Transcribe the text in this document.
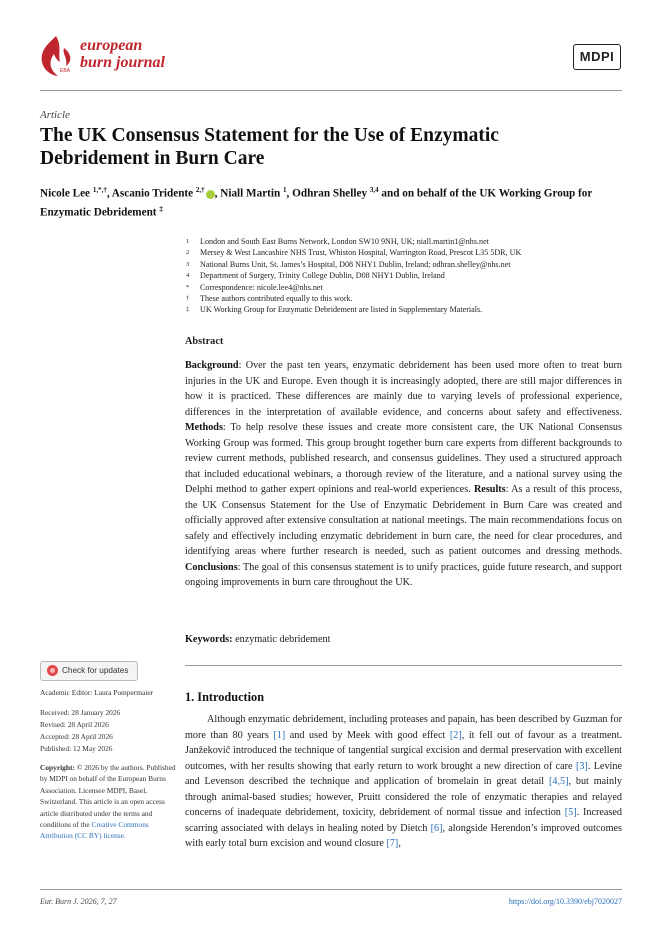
EBA
european
burn journal	MDPI
Article
The UK Consensus Statement for the Use of Enzymatic Debridement in Burn Care
Nicole Lee $^{1,*,\dagger}$, Ascanio Tridente $^{2,\dagger}$ , Niall Martin $^1$, Odhran Shelley $^{3,4}$ and on behalf of the UK Working Group for Enzymatic Debridement ‡
1	London and South East Burns Network, London SW10 9NH, UK; niall.martin1@nhs.net
2	Mersey & West Lancashire NHS Trust, Whiston Hospital, Warrington Road, Prescot L35 5DR, UK
3	National Burns Unit, St. James’s Hospital, D08 NHY1 Dublin, Ireland; odhran.shelley@nhs.net
4	Department of Surgery, Trinity College Dublin, D08 NHY1 Dublin, Ireland
*	Correspondence: nicole.lee4@nhs.net
†	These authors contributed equally to this work.
‡	UK Working Group for Enzymatic Debridement are listed in Supplementary Materials.
Abstract
Background: Over the past ten years, enzymatic debridement has been used more often to treat burn injuries in the UK and Europe. Even though it is increasingly adopted, there are still major differences in how it is practiced. These differences are mainly due to varying levels of professional experience, differences in the interpretation of available evidence, and concerns about safety and effectiveness. Methods: To help resolve these issues and create more consistent care, the UK National Consensus Working Group was formed. This group brought together burn care experts from different backgrounds to review current methods, published research, and consensus guidelines. They used a structured approach that included educational webinars, a thorough review of the literature, and a national survey using the Delphi method to gather expert opinions and real-world experiences. Results: As a result of this process, the UK Consensus Statement for the Use of Enzymatic Debridement in Burn Care was created and officially approved after extensive consultation at national meetings. The main recommendations focus on safely and effectively including enzymatic debridement in burn care, the need for clear procedures, and identifying areas where further research is needed, such as patient outcomes and dressing methods. Conclusions: The goal of this consensus statement is to unify practices, guide future research, and support ongoing improvements in burn care throughout the UK.
Keywords: enzymatic debridement
Check for updates
Academic Editor: Laura Pompermaier
Received: 28 January 2026
Revised: 28 April 2026
Accepted: 28 April 2026
Published: 12 May 2026
Copyright: © 2026 by the authors. Published by MDPI on behalf of the European Burns Association. Licensee MDPI, Basel, Switzerland. This article is an open access article distributed under the terms and conditions of the Creative Commons Attribution (CC BY) license.
1. Introduction
Although enzymatic debridement, including proteases and papain, has been described by Guzman for more than 80 years [1] and used by Meek with good effect [2], it fell out of favour as a treatment. Janžekovič introduced the technique of tangential surgical excision and dermal preservation with excellent outcomes, with her results showing that early return to work brought a new direction of care [3]. Levine and Levenson described the technique and application of bromelain in great detail [4,5], but mainly through animal-based studies; however, Pruitt considered the role of enzymatic therapies and relayed concerns of inadequate debridement, toxicity, debridement of normal tissue and infection [5]. Increased scarring associated with delays in healing noted by Dietch [6], alongside Herendon’s improved outcomes with early total burn excision and wound closure [7],
Eur. Burn J. 2026, 7, 27	https://doi.org/10.3390/ebj7020027
